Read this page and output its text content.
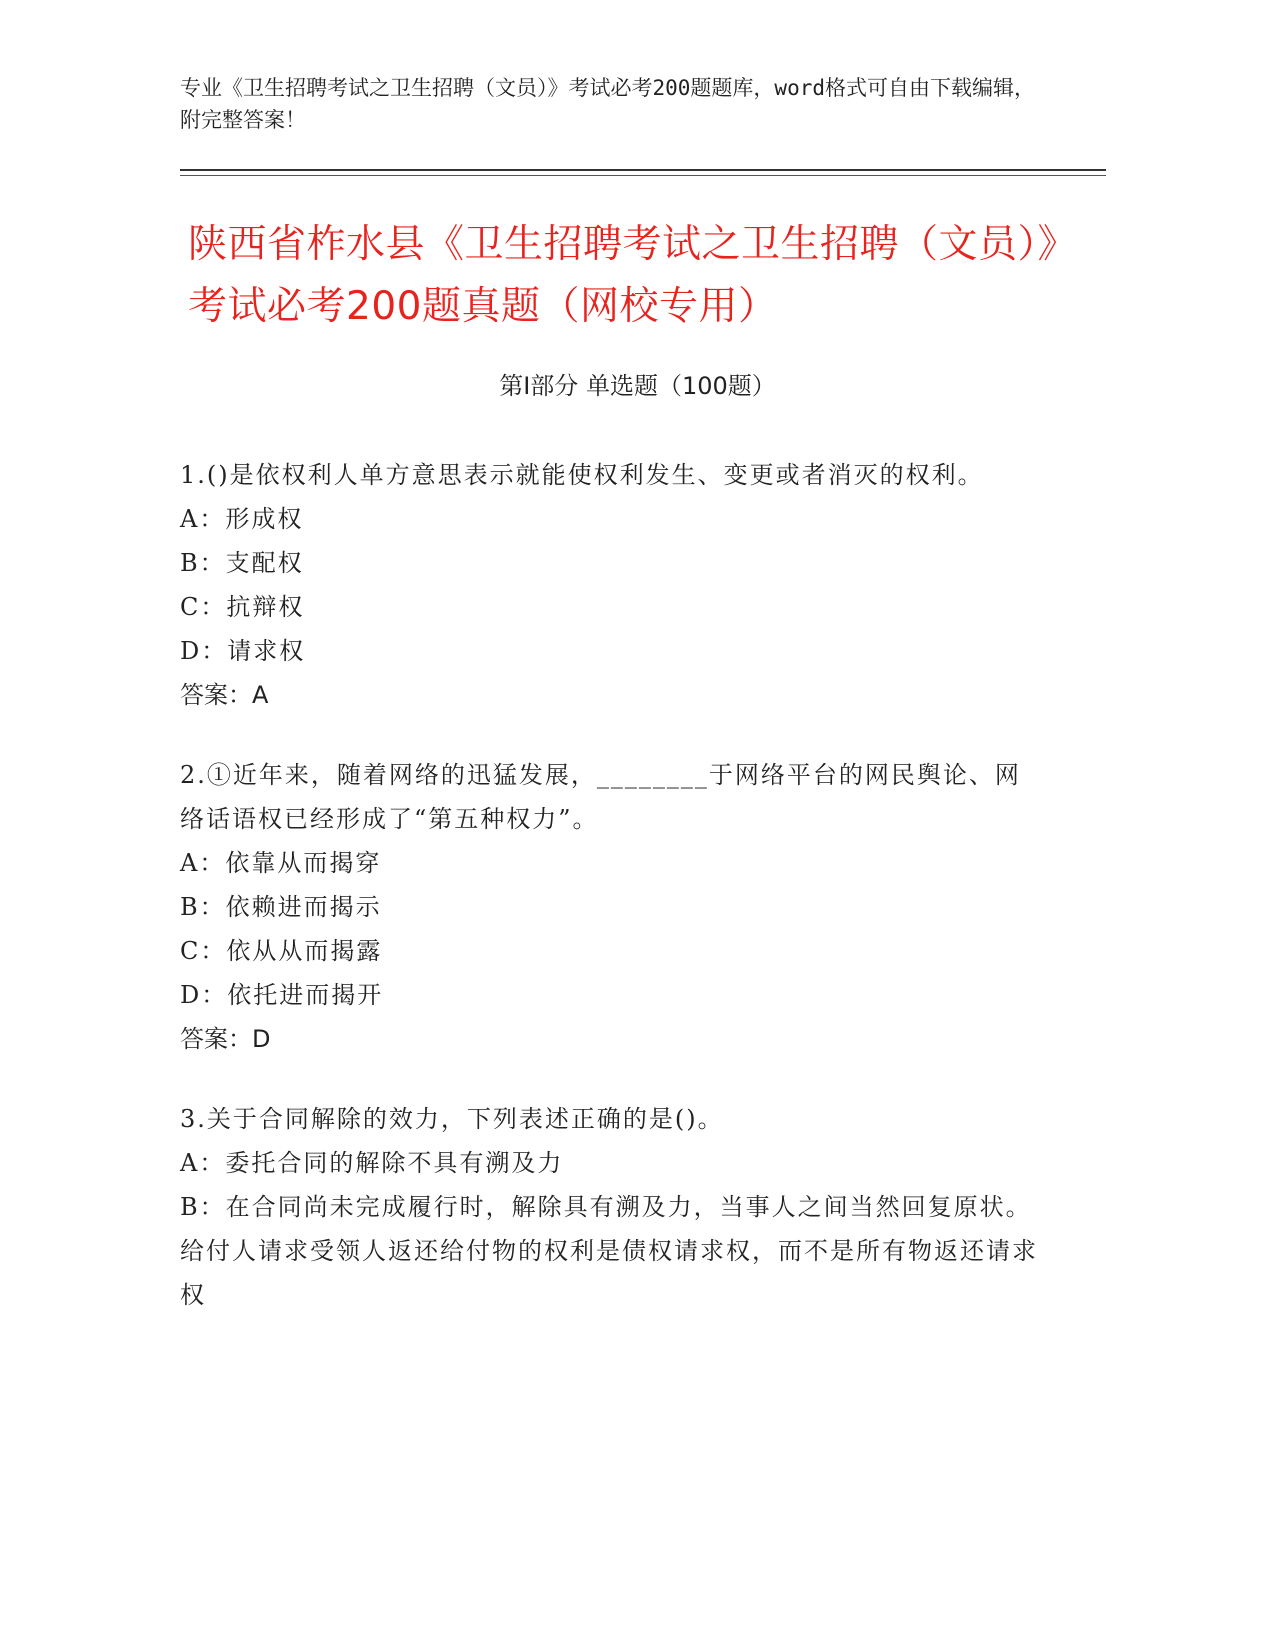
专业《卫生招聘考试之卫生招聘（文员）》考试必考200题题库，word格式可自由下载编辑，附完整答案！
陕西省柞水县《卫生招聘考试之卫生招聘（文员）》考试必考200题真题（网校专用）
第Ⅰ部分 单选题（100题）
1.()是依权利人单方意思表示就能使权利发生、变更或者消灭的权利。
A：形成权
B：支配权
C：抗辩权
D：请求权
答案：A
2.①近年来，随着网络的迅猛发展，________于网络平台的网民舆论、网络话语权已经形成了“第五种权力”。
A：依靠从而揭穿
B：依赖进而揭示
C：依从从而揭露
D：依托进而揭开
答案：D
3.关于合同解除的效力，下列表述正确的是()。
A：委托合同的解除不具有溯及力
B：在合同尚未完成履行时，解除具有溯及力，当事人之间当然回复原状。给付人请求受领人返还给付物的权利是债权请求权，而不是所有物返还请求权
